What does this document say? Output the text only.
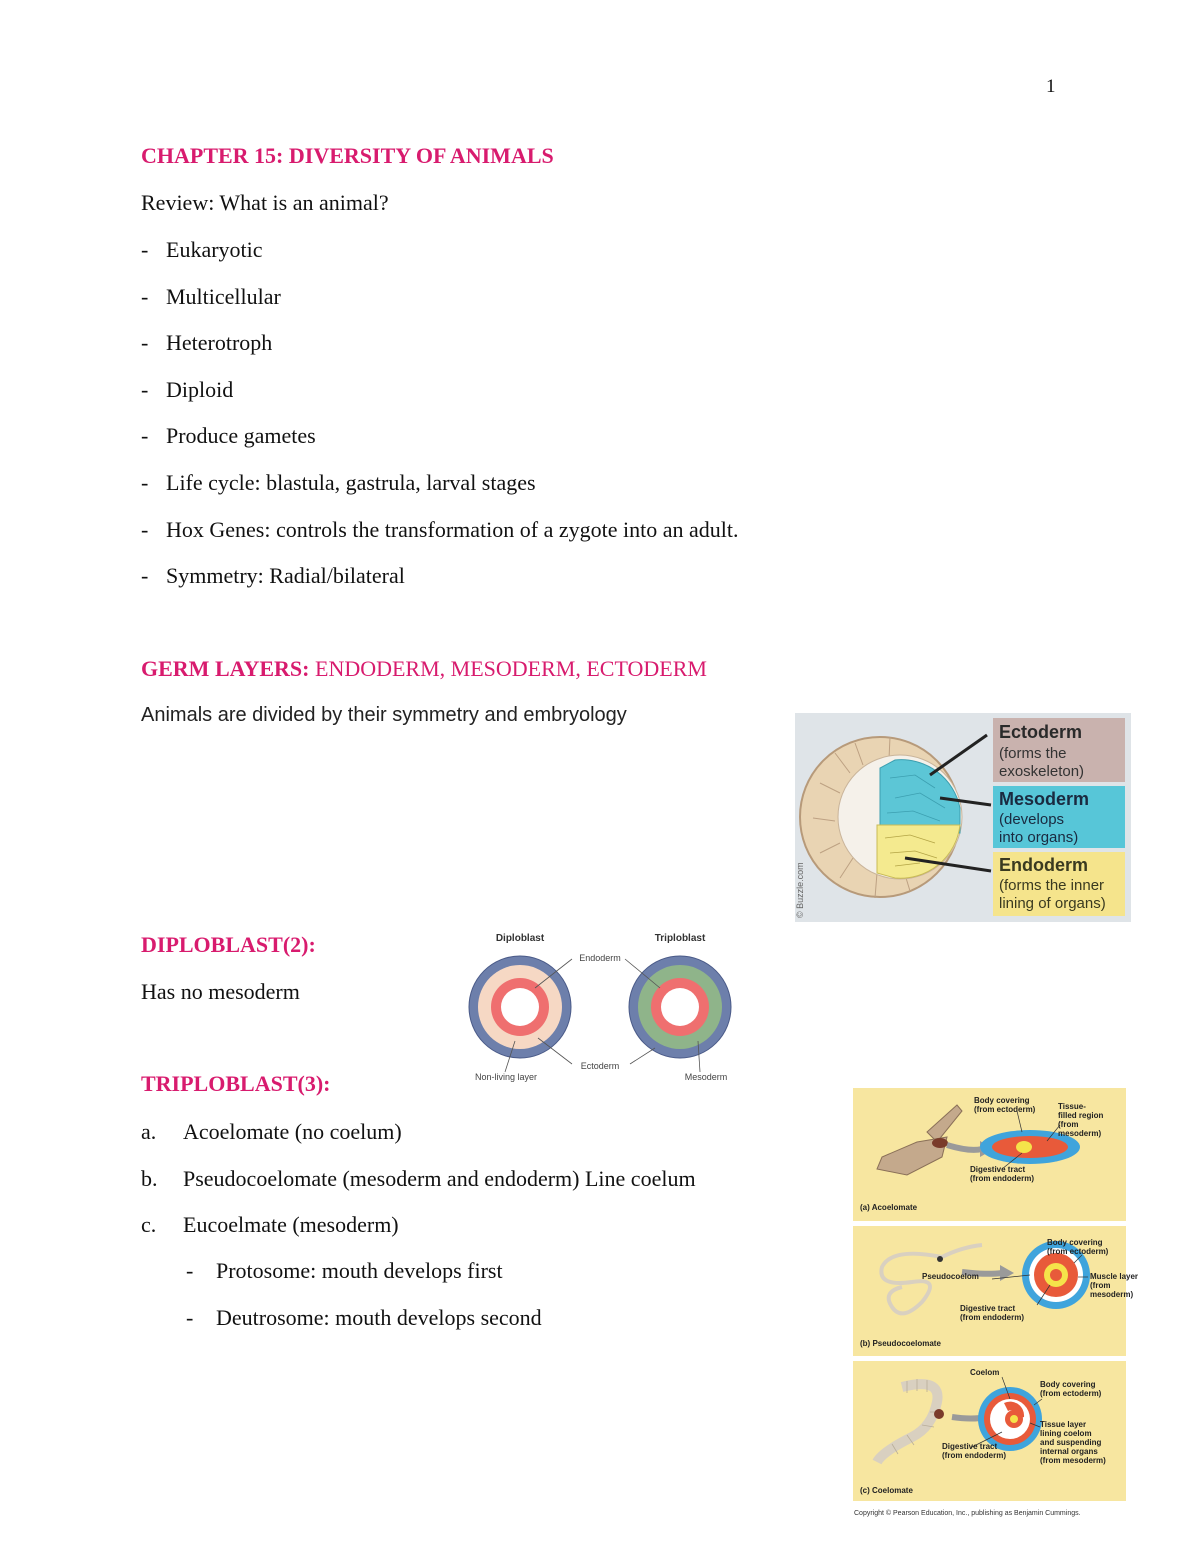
1
CHAPTER 15: DIVERSITY OF ANIMALS
Review: What is an animal?
- Eukaryotic
- Multicellular
- Heterotroph
- Diploid
- Produce gametes
- Life cycle: blastula, gastrula, larval stages
- Hox Genes: controls the transformation of a zygote into an adult.
- Symmetry: Radial/bilateral
GERM LAYERS: ENDODERM, MESODERM, ECTODERM
Animals are divided by their symmetry and embryology
© Buzzle.com
Ectoderm
(forms the
exoskeleton)
Mesoderm
(develops
into organs)
Endoderm
(forms the inner
lining of organs)
DIPLOBLAST(2):
Has no mesoderm
Diploblast	Triploblast
Endoderm
Ectoderm
Non-living layer	Mesoderm
TRIPLOBLAST(3):
a. Acoelomate (no coelum)
b. Pseudocoelomate (mesoderm and endoderm) Line coelum
c. Eucoelmate (mesoderm)
- Protosome: mouth develops first
- Deutrosome: mouth develops second
Body covering
(from ectoderm)	Tissue-
filled region
(from
mesoderm)
Digestive tract
(from endoderm)
(a) Acoelomate
Body covering
(from ectoderm)
Pseudocoelom	Muscle layer
(from
mesoderm)
Digestive tract
(from endoderm)
(b) Pseudocoelomate
Coelom
Body covering
(from ectoderm)
Tissue layer
lining coelom
and suspending
internal organs
(from mesoderm)
Digestive tract
(from endoderm)
(c) Coelomate
Copyright © Pearson Education, Inc., publishing as Benjamin Cummings.
